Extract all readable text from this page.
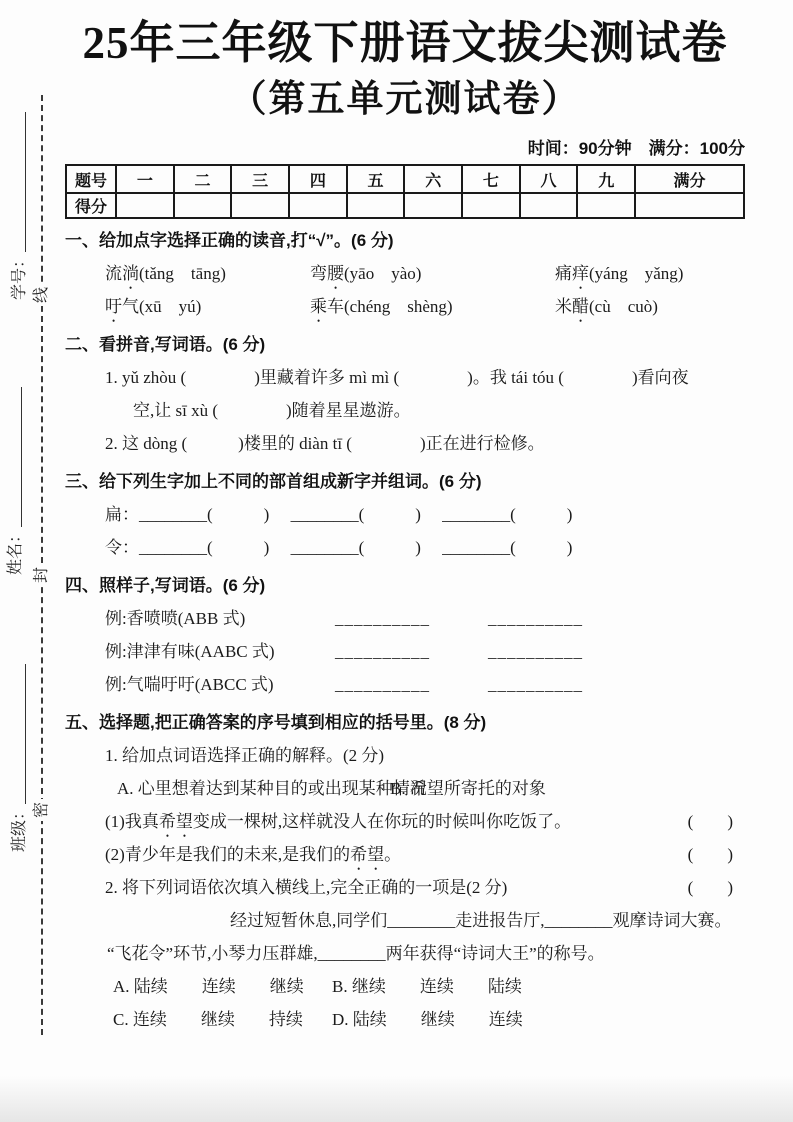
学号：
姓名：
班级：
线
封
密
25年三年级下册语文拔尖测试卷
（第五单元测试卷）
时间：90分钟　满分：100分
题号	一	二	三	四	五	六	七	八	九	满分
得分										
一、给加点字选择正确的读音,打“√”。(6 分)
流淌(tǎng　tāng)	弯腰(yāo　yào)	痛痒(yáng　yǎng)
吁气(xū　yú)	乘车(chéng　shèng)	米醋(cù　cuò)
二、看拼音,写词语。(6 分)
1. yǔ zhòu (　　　　)里藏着许多 mì mì (　　　　)。我 tái tóu (　　　　)看向夜
空,让 sī xù (　　　　)随着星星遨游。
2. 这 dòng (　　　)楼里的 diàn tī (　　　　)正在进行检修。
三、给下列生字加上不同的部首组成新字并组词。(6 分)
扁：________(　　　)　 ________(　　　)　 ________(　　　)
令：________(　　　)　 ________(　　　)　 ________(　　　)
四、照样子,写词语。(6 分)
例:香喷喷(ABB 式)	__________	__________
例:津津有味(AABC 式)	__________	__________
例:气喘吁吁(ABCC 式)	__________	__________
五、选择题,把正确答案的序号填到相应的括号里。(8 分)
1. 给加点词语选择正确的解释。(2 分)
A. 心里想着达到某种目的或出现某种情况
B. 希望所寄托的对象
(1)我真希望变成一棵树,这样就没人在你玩的时候叫你吃饭了。	(　　)
(2)青少年是我们的未来,是我们的希望。	(　　)
2. 将下列词语依次填入横线上,完全正确的一项是(2 分)	(　　)
经过短暂休息,同学们________走进报告厅,________观摩诗词大赛。
“飞花令”环节,小琴力压群雄,________两年获得“诗词大王”的称号。
A. 陆续　　连续　　继续	B. 继续　　连续　　陆续
C. 连续　　继续　　持续	D. 陆续　　继续　　连续
